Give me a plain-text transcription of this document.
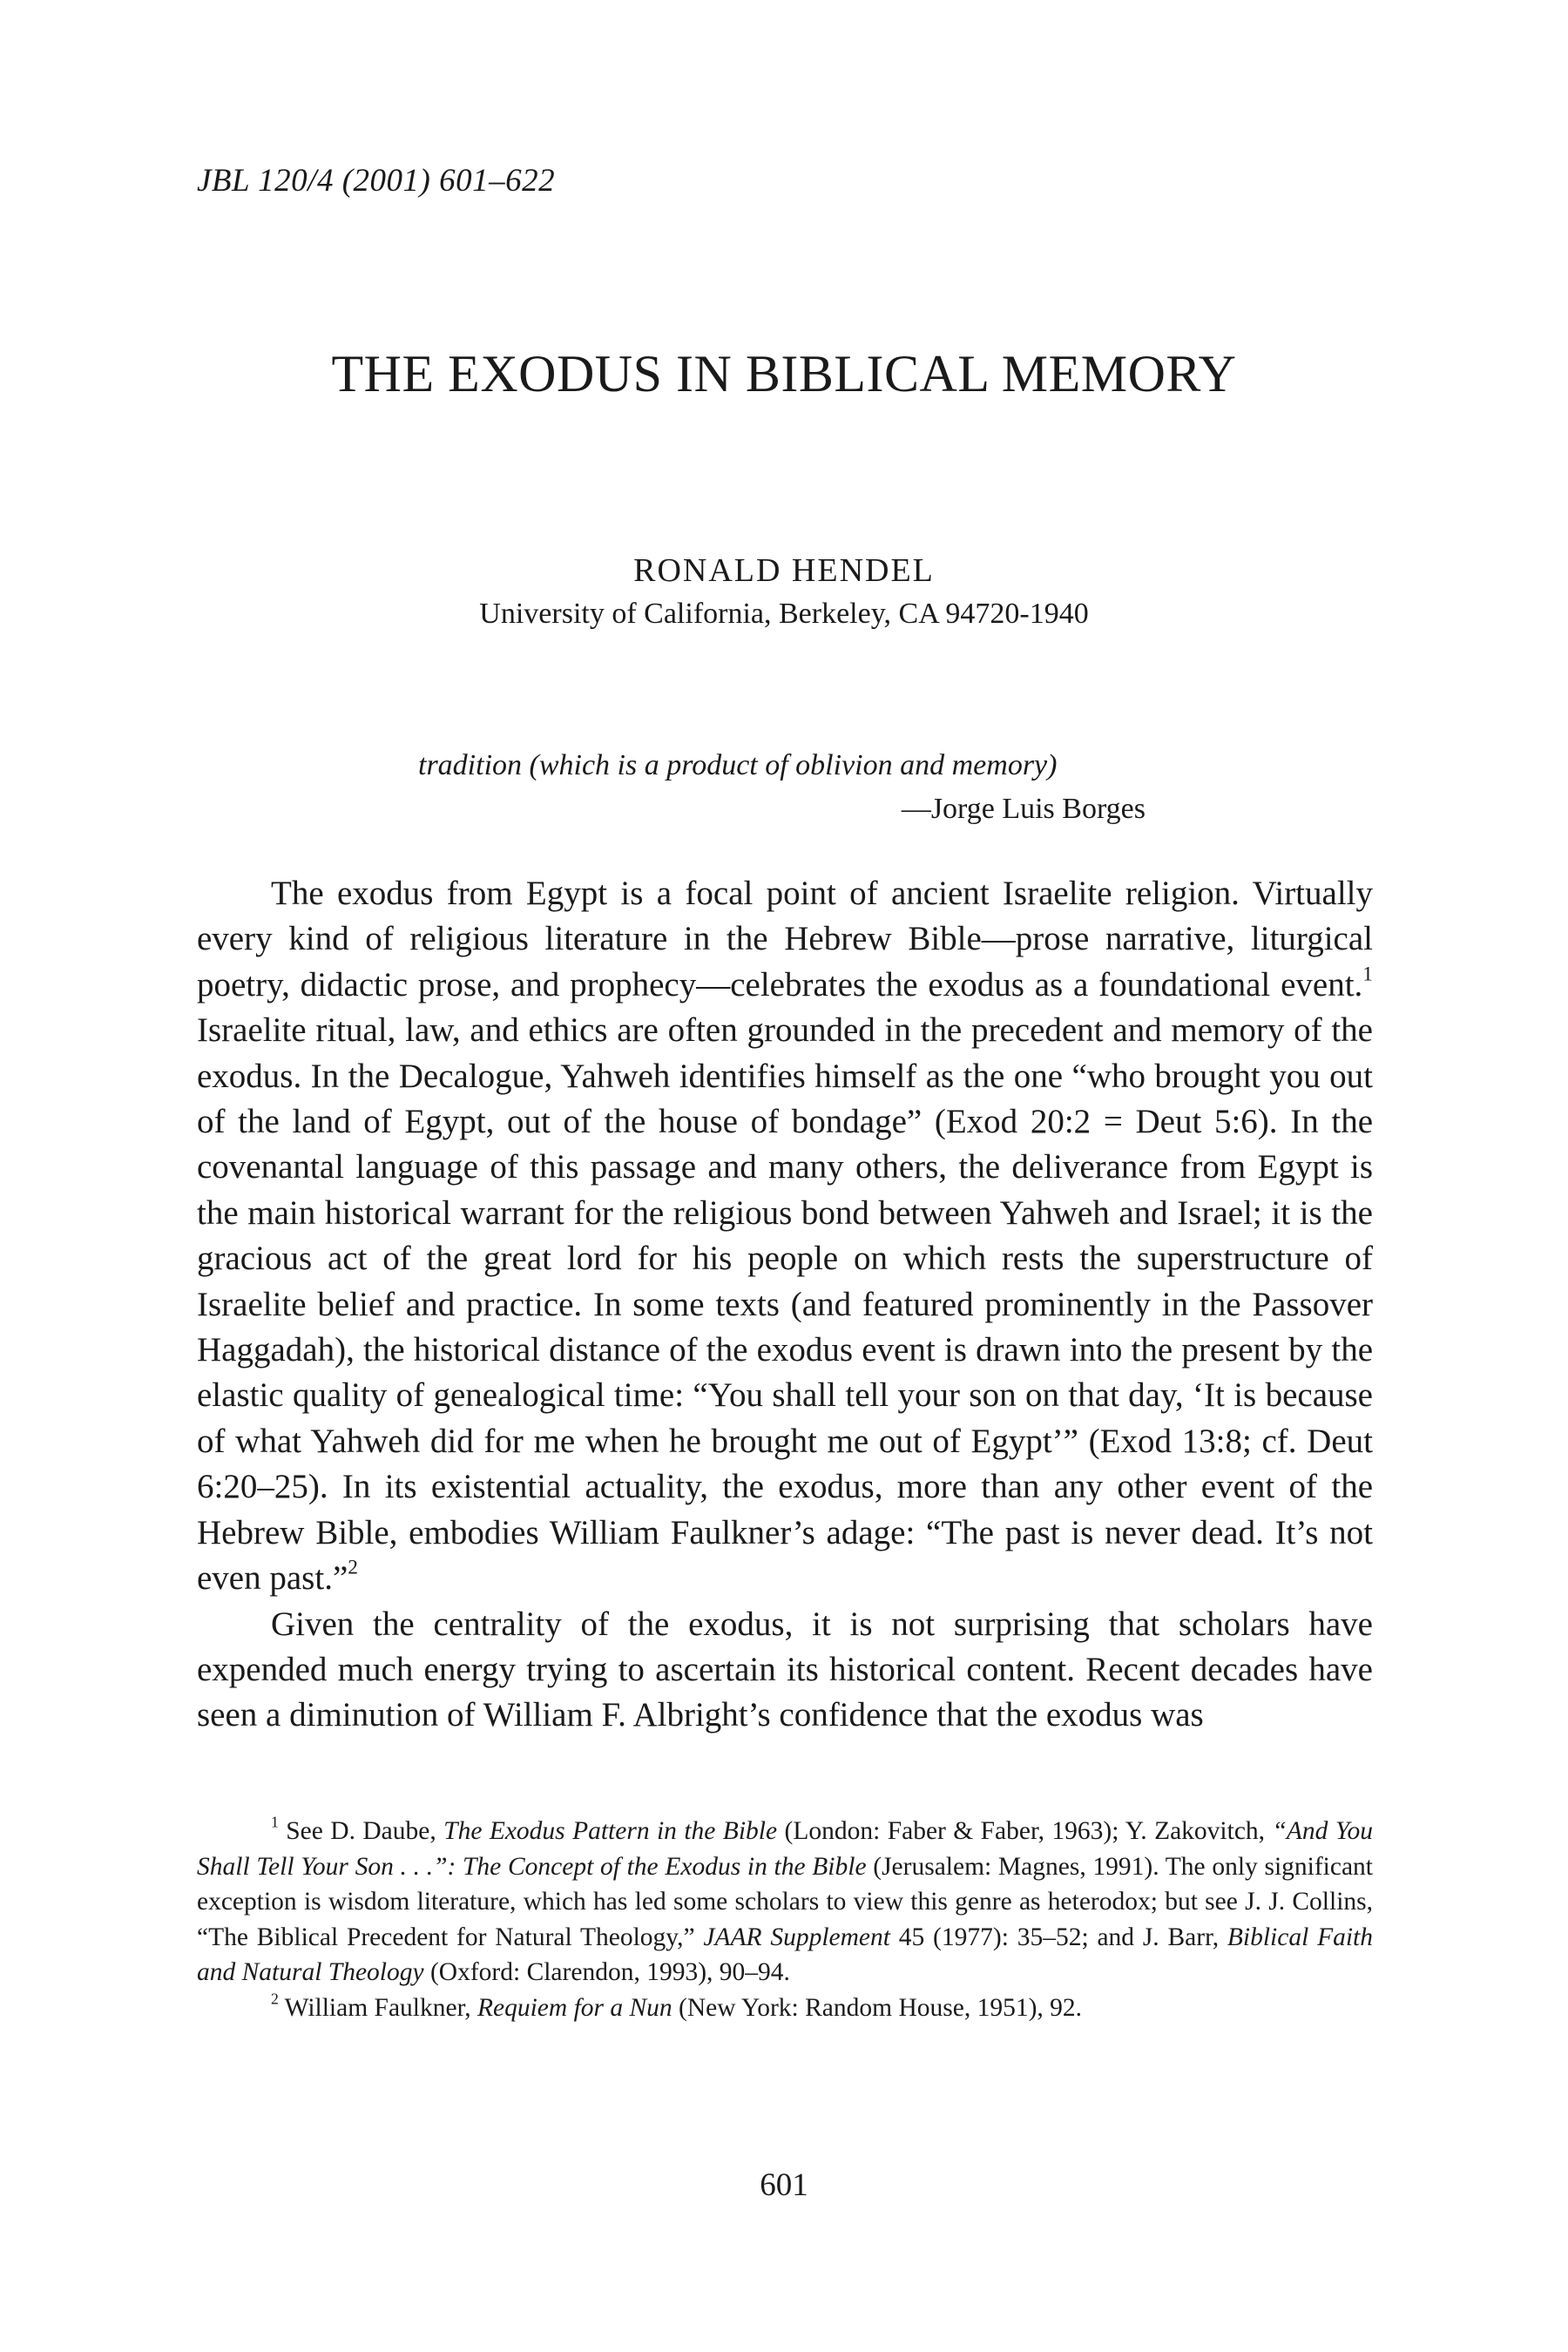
JBL 120/4 (2001) 601–622
THE EXODUS IN BIBLICAL MEMORY
RONALD HENDEL
University of California, Berkeley, CA 94720-1940
tradition (which is a product of oblivion and memory)
—Jorge Luis Borges

The exodus from Egypt is a focal point of ancient Israelite religion. Virtually every kind of religious literature in the Hebrew Bible—prose narrative, liturgical poetry, didactic prose, and prophecy—celebrates the exodus as a foundational event.$^1$ Israelite ritual, law, and ethics are often grounded in the precedent and memory of the exodus. In the Decalogue, Yahweh identifies himself as the one “who brought you out of the land of Egypt, out of the house of bondage” (Exod 20:2 = Deut 5:6). In the covenantal language of this passage and many others, the deliverance from Egypt is the main historical warrant for the religious bond between Yahweh and Israel; it is the gracious act of the great lord for his people on which rests the superstructure of Israelite belief and practice. In some texts (and featured prominently in the Passover Haggadah), the historical distance of the exodus event is drawn into the present by the elastic quality of genealogical time: “You shall tell your son on that day, ‘It is because of what Yahweh did for me when he brought me out of Egypt’” (Exod 13:8; cf. Deut 6:20–25). In its existential actuality, the exodus, more than any other event of the Hebrew Bible, embodies William Faulkner’s adage: “The past is never dead. It’s not even past.”$^2$

Given the centrality of the exodus, it is not surprising that scholars have expended much energy trying to ascertain its historical content. Recent decades have seen a diminution of William F. Albright’s confidence that the exodus was

$^1$ See D. Daube, The Exodus Pattern in the Bible (London: Faber & Faber, 1963); Y. Zakovitch, “And You Shall Tell Your Son . . .”: The Concept of the Exodus in the Bible (Jerusalem: Magnes, 1991). The only significant exception is wisdom literature, which has led some scholars to view this genre as heterodox; but see J. J. Collins, “The Biblical Precedent for Natural Theology,” JAAR Supplement 45 (1977): 35–52; and J. Barr, Biblical Faith and Natural Theology (Oxford: Clarendon, 1993), 90–94.

$^2$ William Faulkner, Requiem for a Nun (New York: Random House, 1951), 92.

601
